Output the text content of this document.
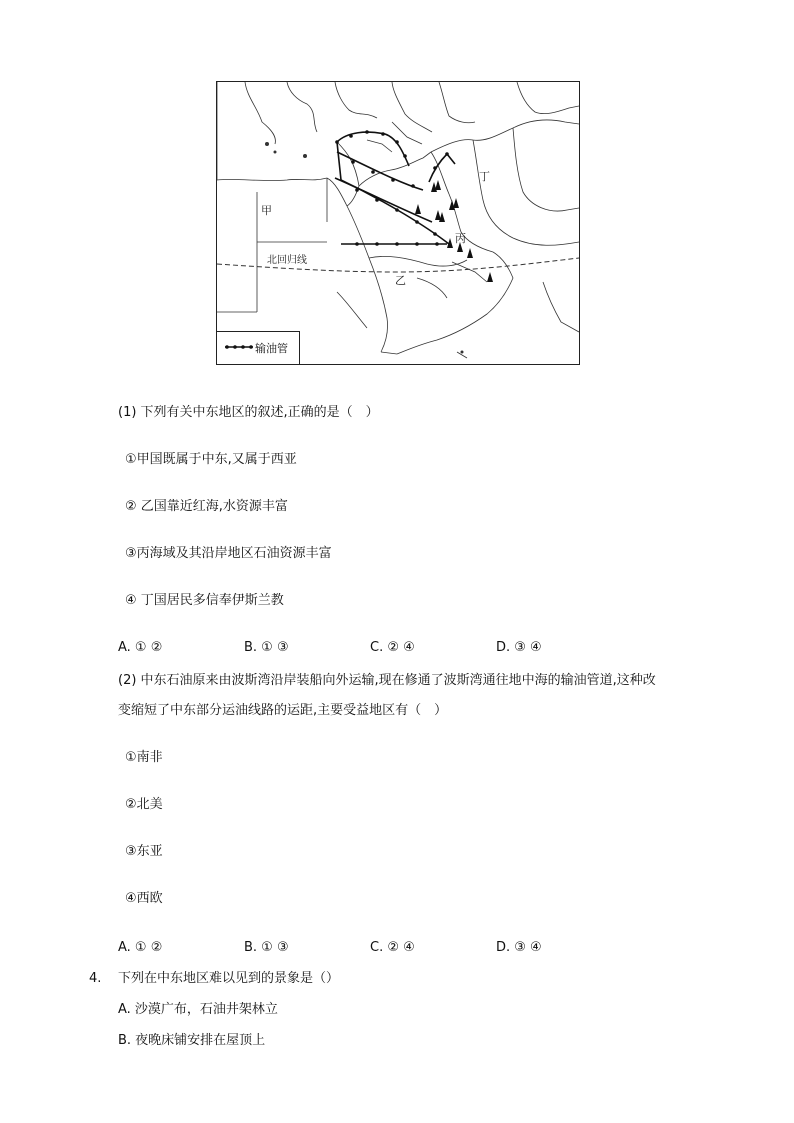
甲
乙
丙
丁
北回归线
输油管
(1) 下列有关中东地区的叙述,正确的是（　）
①甲国既属于中东,又属于西亚
② 乙国靠近红海,水资源丰富
③丙海域及其沿岸地区石油资源丰富
④ 丁国居民多信奉伊斯兰教
A. ① ②	B. ① ③	C. ② ④	D. ③ ④
(2) 中东石油原来由波斯湾沿岸装船向外运输,现在修通了波斯湾通往地中海的输油管道,这种改
变缩短了中东部分运油线路的运距,主要受益地区有（　）
①南非
②北美
③东亚
④西欧
A. ① ②	B. ① ③	C. ② ④	D. ③ ④
4. 下列在中东地区难以见到的景象是（）
A. 沙漠广布，石油井架林立
B. 夜晚床铺安排在屋顶上
